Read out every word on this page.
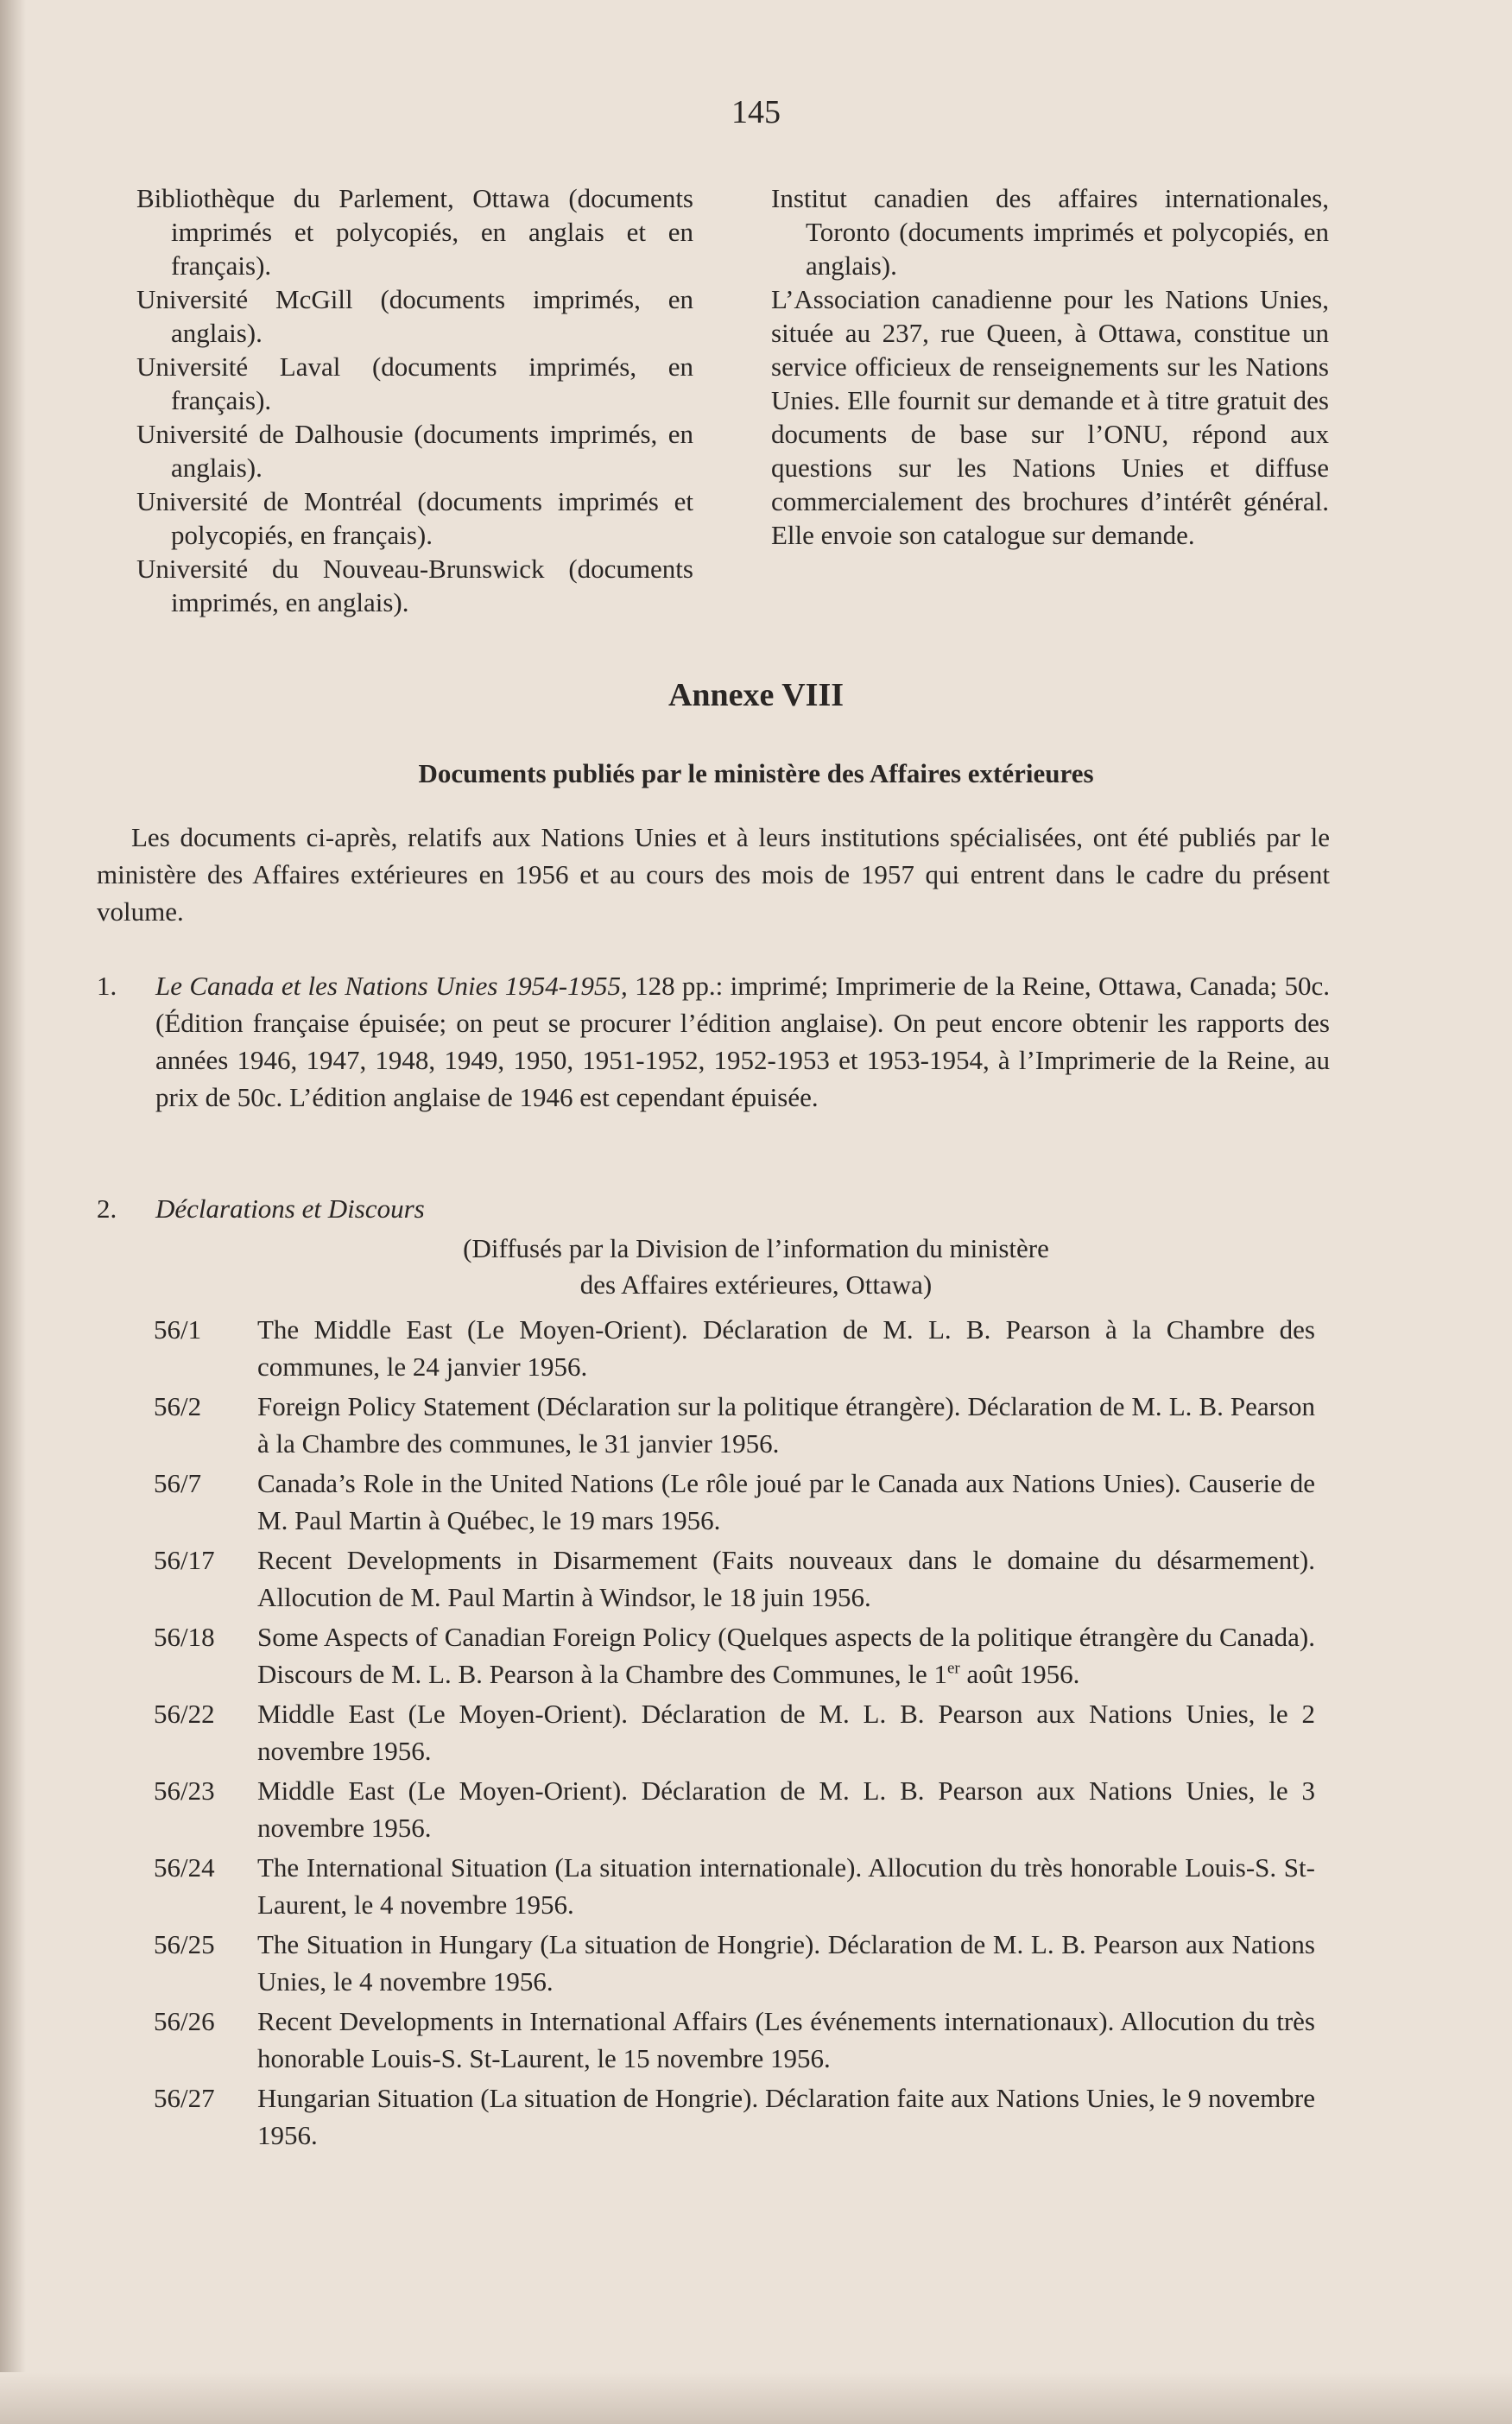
145

Bibliothèque du Parlement, Ottawa (documents imprimés et polycopiés, en anglais et en français).

Université McGill (documents imprimés, en anglais).

Université Laval (documents imprimés, en français).

Université de Dalhousie (documents imprimés, en anglais).

Université de Montréal (documents imprimés et polycopiés, en français).

Université du Nouveau-Brunswick (documents imprimés, en anglais).

Institut canadien des affaires internationales, Toronto (documents imprimés et polycopiés, en anglais).

L’Association canadienne pour les Nations Unies, située au 237, rue Queen, à Ottawa, constitue un service officieux de renseignements sur les Nations Unies. Elle fournit sur demande et à titre gratuit des documents de base sur l’ONU, répond aux questions sur les Nations Unies et diffuse commercialement des brochures d’intérêt général. Elle envoie son catalogue sur demande.

Annexe VIII
Documents publiés par le ministère des Affaires extérieures

Les documents ci-après, relatifs aux Nations Unies et à leurs institutions spécialisées, ont été publiés par le ministère des Affaires extérieures en 1956 et au cours des mois de 1957 qui entrent dans le cadre du présent volume.

1. Le Canada et les Nations Unies 1954-1955, 128 pp.: imprimé; Imprimerie de la Reine, Ottawa, Canada; 50c. (Édition française épuisée; on peut se procurer l’édition anglaise). On peut encore obtenir les rapports des années 1946, 1947, 1948, 1949, 1950, 1951-1952, 1952-1953 et 1953-1954, à l’Imprimerie de la Reine, au prix de 50c. L’édition anglaise de 1946 est cependant épuisée.
2. Déclarations et Discours
(Diffusés par la Division de l’information du ministère
des Affaires extérieures, Ottawa)
56/1 The Middle East (Le Moyen-Orient). Déclaration de M. L. B. Pearson à la Chambre des communes, le 24 janvier 1956.
56/2 Foreign Policy Statement (Déclaration sur la politique étrangère). Déclaration de M. L. B. Pearson à la Chambre des communes, le 31 janvier 1956.
56/7 Canada’s Role in the United Nations (Le rôle joué par le Canada aux Nations Unies). Causerie de M. Paul Martin à Québec, le 19 mars 1956.
56/17 Recent Developments in Disarmement (Faits nouveaux dans le domaine du désarmement). Allocution de M. Paul Martin à Windsor, le 18 juin 1956.
56/18 Some Aspects of Canadian Foreign Policy (Quelques aspects de la politique étrangère du Canada). Discours de M. L. B. Pearson à la Chambre des Communes, le 1er août 1956.
56/22 Middle East (Le Moyen-Orient). Déclaration de M. L. B. Pearson aux Nations Unies, le 2 novembre 1956.
56/23 Middle East (Le Moyen-Orient). Déclaration de M. L. B. Pearson aux Nations Unies, le 3 novembre 1956.
56/24 The International Situation (La situation internationale). Allocution du très honorable Louis-S. St-Laurent, le 4 novembre 1956.
56/25 The Situation in Hungary (La situation de Hongrie). Déclaration de M. L. B. Pearson aux Nations Unies, le 4 novembre 1956.
56/26 Recent Developments in International Affairs (Les événements internationaux). Allocution du très honorable Louis-S. St-Laurent, le 15 novembre 1956.
56/27 Hungarian Situation (La situation de Hongrie). Déclaration faite aux Nations Unies, le 9 novembre 1956.
